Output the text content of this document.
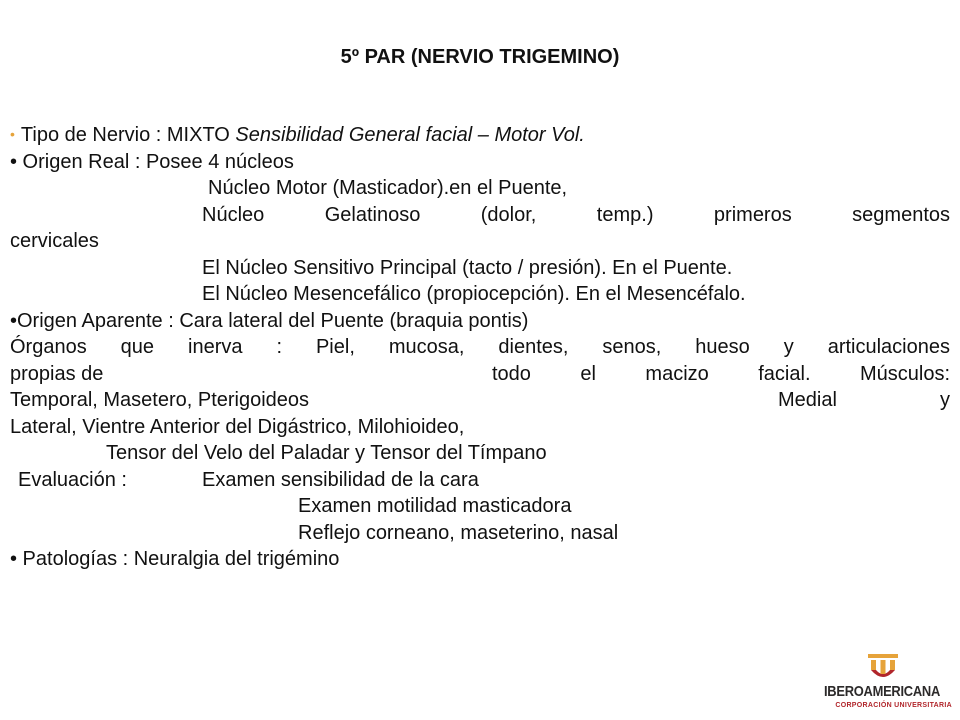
5º PAR (NERVIO TRIGEMINO)
• Tipo de Nervio : MIXTO Sensibilidad General facial – Motor Vol.
• Origen Real : Posee 4 núcleos
Núcleo Motor (Masticador).en el Puente,
Núcleo Gelatinoso (dolor, temp.) primeros segmentos
cervicales
El Núcleo Sensitivo Principal (tacto / presión). En el Puente.
El Núcleo Mesencefálico (propiocepción). En el Mesencéfalo.
•Origen Aparente : Cara lateral del Puente (braquia pontis)
Órganos que inerva : Piel, mucosa, dientes, senos, hueso y articulaciones
propias de	todo el macizo facial. Músculos:
Temporal, Masetero, Pterigoideos	Medial y
Lateral, Vientre Anterior del Digástrico, Milohioideo,
Tensor del Velo del Paladar y Tensor del Tímpano
Evaluación :	Examen sensibilidad de la cara
Examen motilidad masticadora
Reflejo corneano, maseterino, nasal
• Patologías : Neuralgia del trigémino
IBEROAMERICANA
CORPORACIÓN UNIVERSITARIA
